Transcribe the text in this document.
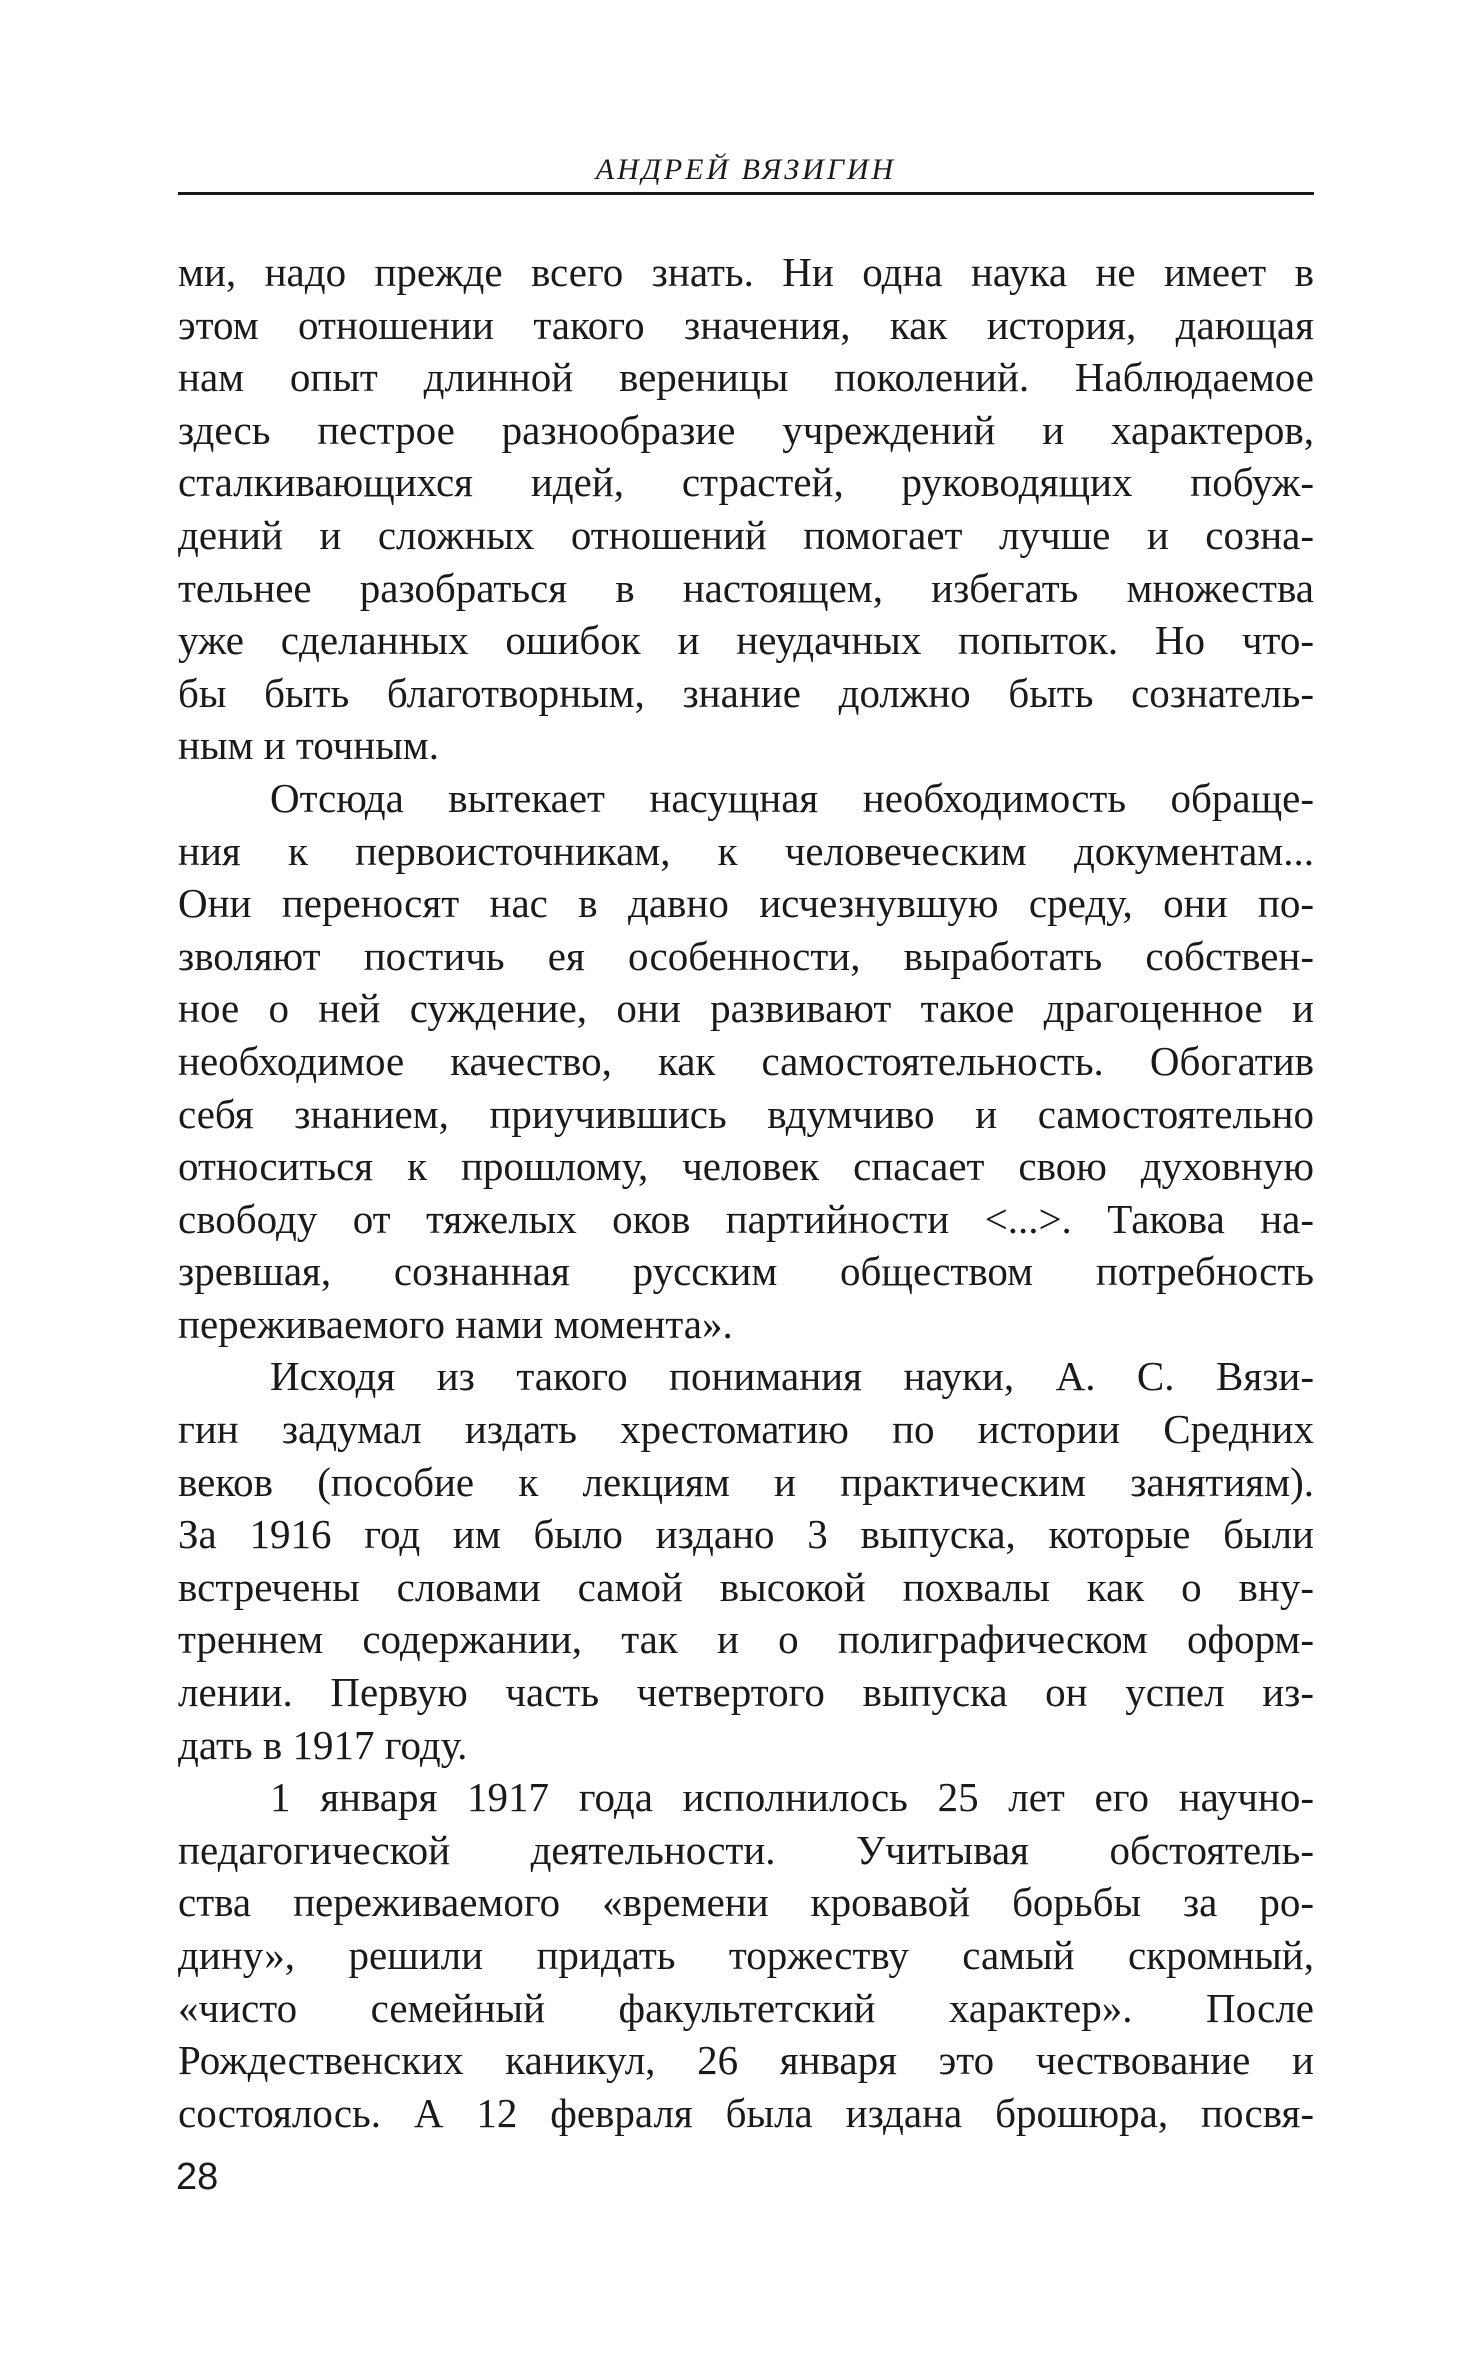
АНДРЕЙ ВЯЗИГИН
ми, надо прежде всего знать. Ни одна наука не имеет в
этом отношении такого значения, как история, дающая
нам опыт длинной вереницы поколений. Наблюдаемое
здесь пестрое разнообразие учреждений и характеров,
сталкивающихся идей, страстей, руководящих побуж-
дений и сложных отношений помогает лучше и созна-
тельнее разобраться в настоящем, избегать множества
уже сделанных ошибок и неудачных попыток. Но что-
бы быть благотворным, знание должно быть сознатель-
ным и точным.
Отсюда вытекает насущная необходимость обраще-
ния к первоисточникам, к человеческим документам...
Они переносят нас в давно исчезнувшую среду, они по-
зволяют постичь ея особенности, выработать собствен-
ное о ней суждение, они развивают такое драгоценное и
необходимое качество, как самостоятельность. Обогатив
себя знанием, приучившись вдумчиво и самостоятельно
относиться к прошлому, человек спасает свою духовную
свободу от тяжелых оков партийности <...>. Такова на-
зревшая, сознанная русским обществом потребность
переживаемого нами момента».
Исходя из такого понимания науки, А. С. Вязи-
гин задумал издать хрестоматию по истории Средних
веков (пособие к лекциям и практическим занятиям).
За 1916 год им было издано 3 выпуска, которые были
встречены словами самой высокой похвалы как о вну-
треннем содержании, так и о полиграфическом оформ-
лении. Первую часть четвертого выпуска он успел из-
дать в 1917 году.
1 января 1917 года исполнилось 25 лет его научно-
педагогической деятельности. Учитывая обстоятель-
ства переживаемого «времени кровавой борьбы за ро-
дину», решили придать торжеству самый скромный,
«чисто семейный факультетский характер». После
Рождественских каникул, 26 января это чествование и
состоялось. А 12 февраля была издана брошюра, посвя-
28
